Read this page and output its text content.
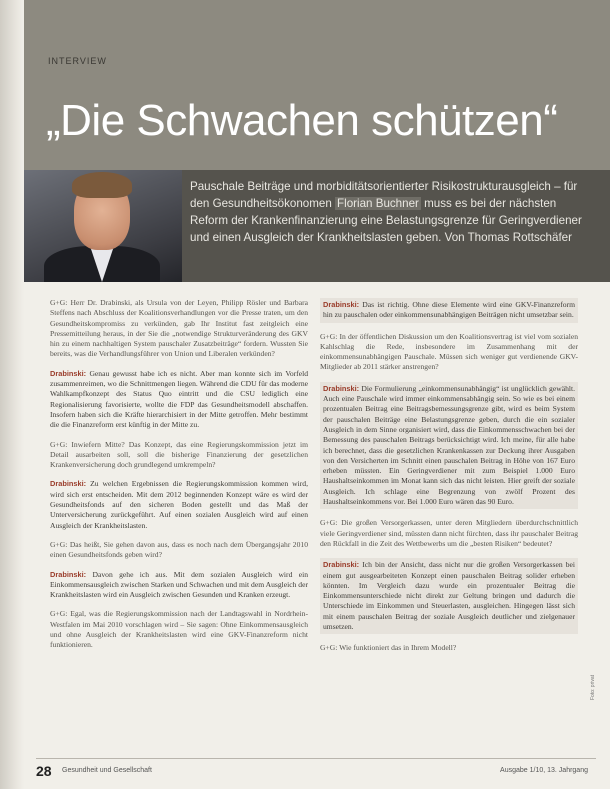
INTERVIEW
„Die Schwachen schützen“
Pauschale Beiträge und morbiditätsorientierter Risikostrukturausgleich – für den Gesundheitsökonomen Florian Buchner muss es bei der nächsten Reform der Krankenfinanzierung eine Belastungsgrenze für Geringverdiener und einen Ausgleich der Krankheitslasten geben. Von Thomas Rottschäfer

G+G: Herr Dr. Drabinski, als Ursula von der Leyen, Philipp Rösler und Barbara Steffens nach Abschluss der Koalitionsverhandlungen vor die Presse traten, um den Gesundheitskompromiss zu verkünden, gab Ihr Institut fast zeitgleich eine Pressemitteilung heraus, in der Sie die „notwendige Strukturveränderung des GKV hin zu einem nachhaltigen System pauschaler Zusatzbeiträge“ fordern. Wussten Sie bereits, was die Verhandlungsführer von Union und Liberalen verkünden?

Drabinski: Genau gewusst habe ich es nicht. Aber man konnte sich im Vorfeld zusammenreimen, wo die Schnittmengen liegen. Während die CDU für das moderne Wahlkampfkonzept des Status Quo eintritt und die CSU lediglich eine Regionalisierung favorisierte, wollte die FDP das Gesundheitsmodell abschaffen. Insofern haben sich die Kräfte hierarchisiert in der Mitte getroffen. Mehr bestimmt die die Finanzreform erst künftig in der Mitte zu.

G+G: Inwiefern Mitte? Das Konzept, das eine Regierungskommission jetzt im Detail ausarbeiten soll, soll die bisherige Finanzierung der gesetzlichen Krankenversicherung doch grundlegend umkrempeln?

Drabinski: Zu welchen Ergebnissen die Regierungskommission kommen wird, wird sich erst entscheiden. Mit dem 2012 beginnenden Konzept wäre es wird der Gesundheitsfonds auf den sicheren Boden gestellt und das Maß der Unterversicherung zurückgeführt. Auf einen sozialen Ausgleich wird auf einen Ausgleich der Krankheitslasten.

G+G: Das heißt, Sie gehen davon aus, dass es noch nach dem Übergangsjahr 2010 einen Gesundheitsfonds geben wird?

Drabinski: Davon gehe ich aus. Mit dem sozialen Ausgleich wird ein Einkommensausgleich zwischen Starken und Schwachen und mit dem Ausgleich der Krankheitslasten wird ein Ausgleich zwischen Gesunden und Kranken erzeugt.

G+G: Egal, was die Regierungskommission nach der Landtagswahl in Nordrhein-Westfalen im Mai 2010 vorschlagen wird – Sie sagen: Ohne Einkommensausgleich und ohne Ausgleich der Krankheitslasten wird eine GKV-Finanzreform nicht funktionieren.

Drabinski: Das ist richtig. Ohne diese Elemente wird eine GKV-Finanzreform hin zu pauschalen oder einkommensunabhängigen Beiträgen nicht umsetzbar sein.

G+G: In der öffentlichen Diskussion um den Koalitionsvertrag ist viel vom sozialen Kahlschlag die Rede, insbesondere im Zusammenhang mit der einkommensunabhängigen Pauschale. Müssen sich weniger gut verdienende GKV-Mitglieder ab 2011 stärker anstrengen?

Drabinski: Die Formulierung „einkommensunabhängig“ ist unglücklich gewählt. Auch eine Pauschale wird immer einkommensabhängig sein. So wie es bei einem prozentualen Beitrag eine Beitragsbemessungsgrenze gibt, wird es beim System der pauschalen Beiträge eine Belastungsgrenze geben, durch die ein sozialer Ausgleich in dem Sinne organisiert wird, dass die Einkommensschwachen bei der Bemessung des pauschalen Beitrags berücksichtigt wird. Ich meine, für alle habe ich berechnet, dass die gesetzlichen Krankenkassen zur Deckung ihrer Ausgaben von den Versicherten im Schnitt einen pauschalen Beitrag in Höhe von 167 Euro erheben müssten. Ein Geringverdiener mit zum Beispiel 1.000 Euro Haushaltseinkommen im Monat kann sich das nicht leisten. Hier greift der soziale Ausgleich. Ich schlage eine Begrenzung von zwölf Prozent des Haushaltseinkommens vor. Bei 1.000 Euro wären das 90 Euro.

G+G: Die großen Versorgerkassen, unter deren Mitgliedern überdurchschnittlich viele Geringverdiener sind, müssten dann nicht fürchten, dass ihr pauschaler Beitrag den Rückfall in die Zeit des Wettbewerbs um die „besten Risiken“ bedeutet?

Drabinski: Ich bin der Ansicht, dass nicht nur die großen Versorgerkassen bei einem gut ausgearbeiteten Konzept einen pauschalen Beitrag solider erheben könnten. Im Vergleich dazu wurde ein prozentualer Beitrag die Einkommensunterschiede nicht direkt zur Geltung bringen und dadurch die Unterschiede im Einkommen und Steuerlasten, ausgleichen. Hingegen lässt sich mit einem pauschalen Beitrag der soziale Ausgleich deutlicher und zielgenauer umsetzen.

G+G: Wie funktioniert das in Ihrem Modell?

Foto: privat
28 Gesundheit und Gesellschaft	Ausgabe 1/10, 13. Jahrgang
